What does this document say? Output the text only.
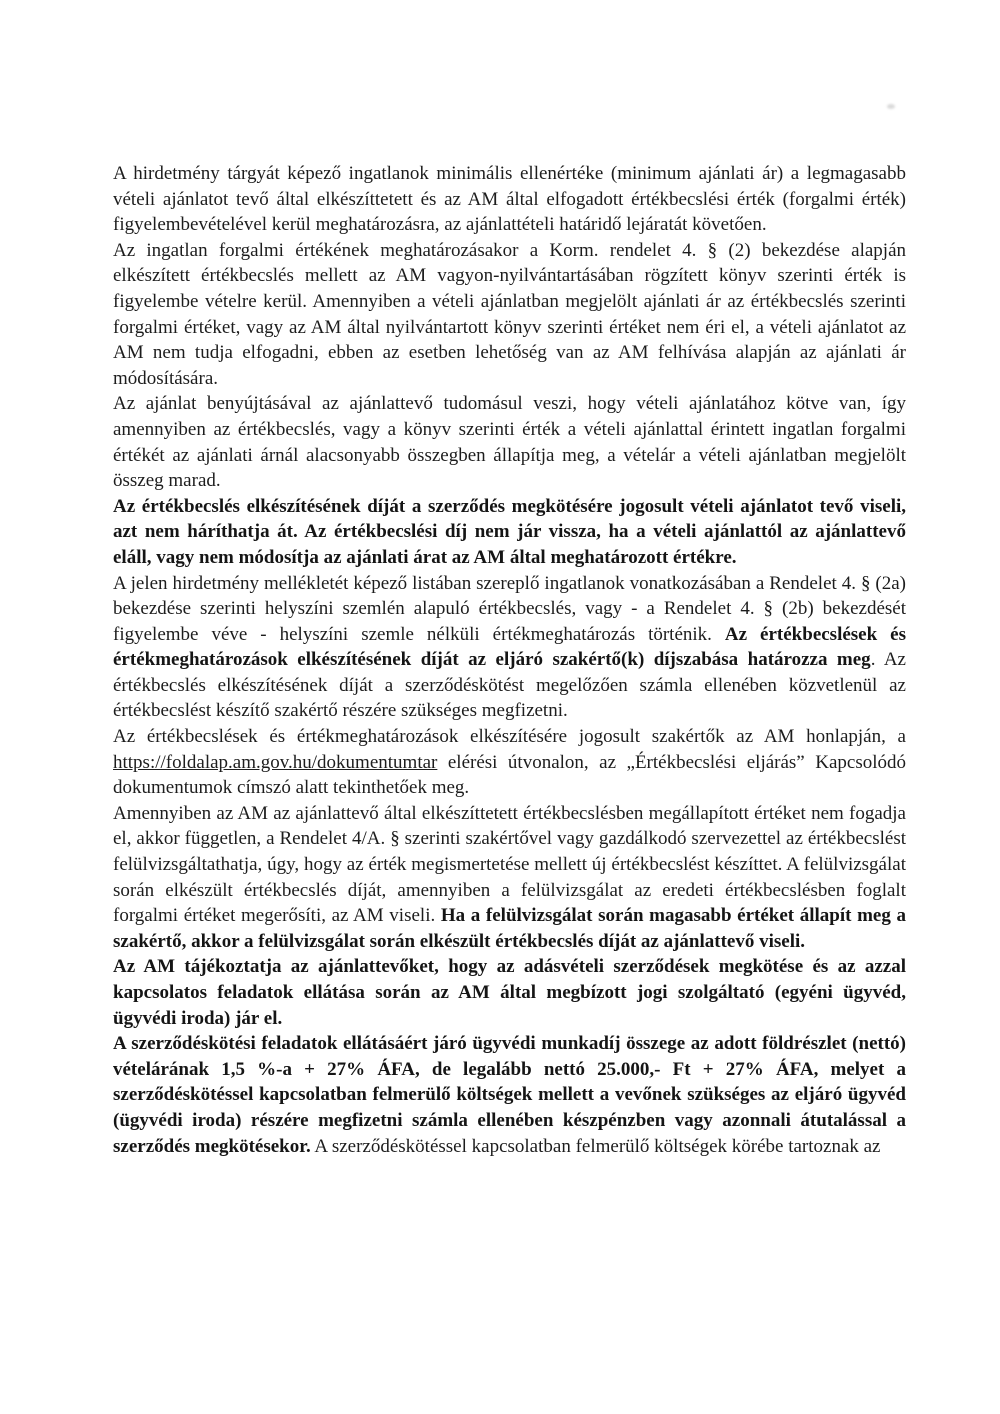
A hirdetmény tárgyát képező ingatlanok minimális ellenértéke (minimum ajánlati ár) a legmagasabb vételi ajánlatot tevő által elkészíttetett és az AM által elfogadott értékbecslési érték (forgalmi érték) figyelembevételével kerül meghatározásra, az ajánlattételi határidő lejáratát követően.

Az ingatlan forgalmi értékének meghatározásakor a Korm. rendelet 4. § (2) bekezdése alapján elkészített értékbecslés mellett az AM vagyon-nyilvántartásában rögzített könyv szerinti érték is figyelembe vételre kerül. Amennyiben a vételi ajánlatban megjelölt ajánlati ár az értékbecslés szerinti forgalmi értéket, vagy az AM által nyilvántartott könyv szerinti értéket nem éri el, a vételi ajánlatot az AM nem tudja elfogadni, ebben az esetben lehetőség van az AM felhívása alapján az ajánlati ár módosítására.

Az ajánlat benyújtásával az ajánlattevő tudomásul veszi, hogy vételi ajánlatához kötve van, így amennyiben az értékbecslés, vagy a könyv szerinti érték a vételi ajánlattal érintett ingatlan forgalmi értékét az ajánlati árnál alacsonyabb összegben állapítja meg, a vételár a vételi ajánlatban megjelölt összeg marad.

Az értékbecslés elkészítésének díját a szerződés megkötésére jogosult vételi ajánlatot tevő viseli, azt nem háríthatja át. Az értékbecslési díj nem jár vissza, ha a vételi ajánlattól az ajánlattevő eláll, vagy nem módosítja az ajánlati árat az AM által meghatározott értékre.

A jelen hirdetmény mellékletét képező listában szereplő ingatlanok vonatkozásában a Rendelet 4. § (2a) bekezdése szerinti helyszíni szemlén alapuló értékbecslés, vagy - a Rendelet 4. § (2b) bekezdését figyelembe véve - helyszíni szemle nélküli értékmeghatározás történik. Az értékbecslések és értékmeghatározások elkészítésének díját az eljáró szakértő(k) díjszabása határozza meg. Az értékbecslés elkészítésének díját a szerződéskötést megelőzően számla ellenében közvetlenül az értékbecslést készítő szakértő részére szükséges megfizetni.

Az értékbecslések és értékmeghatározások elkészítésére jogosult szakértők az AM honlapján, a https://foldalap.am.gov.hu/dokumentumtar elérési útvonalon, az „Értékbecslési eljárás” Kapcsolódó dokumentumok címszó alatt tekinthetőek meg.

Amennyiben az AM az ajánlattevő által elkészíttetett értékbecslésben megállapított értéket nem fogadja el, akkor független, a Rendelet 4/A. § szerinti szakértővel vagy gazdálkodó szervezettel az értékbecslést felülvizsgáltathatja, úgy, hogy az érték megismertetése mellett új értékbecslést készíttet. A felülvizsgálat során elkészült értékbecslés díját, amennyiben a felülvizsgálat az eredeti értékbecslésben foglalt forgalmi értéket megerősíti, az AM viseli. Ha a felülvizsgálat során magasabb értéket állapít meg a szakértő, akkor a felülvizsgálat során elkészült értékbecslés díját az ajánlattevő viseli.

Az AM tájékoztatja az ajánlattevőket, hogy az adásvételi szerződések megkötése és az azzal kapcsolatos feladatok ellátása során az AM által megbízott jogi szolgáltató (egyéni ügyvéd, ügyvédi iroda) jár el.

A szerződéskötési feladatok ellátásáért járó ügyvédi munkadíj összege az adott földrészlet (nettó) vételárának 1,5 %-a + 27% ÁFA, de legalább nettó 25.000,- Ft + 27% ÁFA, melyet a szerződéskötéssel kapcsolatban felmerülő költségek mellett a vevőnek szükséges az eljáró ügyvéd (ügyvédi iroda) részére megfizetni számla ellenében készpénzben vagy azonnali átutalással a szerződés megkötésekor. A szerződéskötéssel kapcsolatban felmerülő költségek körébe tartoznak az
